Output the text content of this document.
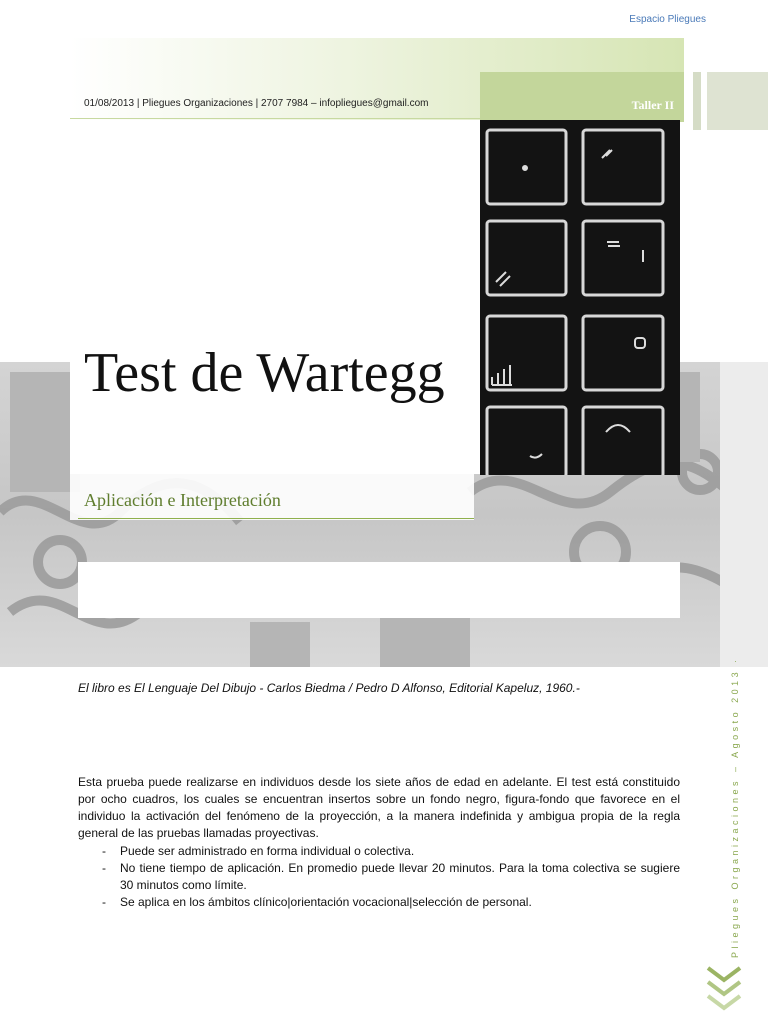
Espacio Pliegues
01/08/2013 | Pliegues Organizaciones | 2707 7984 – infopliegues@gmail.com	Taller II
Test de Wartegg
Aplicación e Interpretación
El libro es El Lenguaje Del Dibujo - Carlos Biedma / Pedro D Alfonso, Editorial Kapeluz, 1960.-
Esta prueba puede realizarse en individuos desde los siete años de edad en adelante. El test está constituido por ocho cuadros, los cuales se encuentran insertos sobre un fondo negro, figura-fondo que favorece en el individuo la activación del fenómeno de la proyección, a la manera indefinida y ambigua propia de la regla general de las pruebas llamadas proyectivas.
- Puede ser administrado en forma individual o colectiva.
- No tiene tiempo de aplicación. En promedio puede llevar 20 minutos. Para la toma colectiva se sugiere 30 minutos como límite.
- Se aplica en los ámbitos clínico|orientación vocacional|selección de personal.	Pliegues Organizaciones – Agosto 2013 ·
